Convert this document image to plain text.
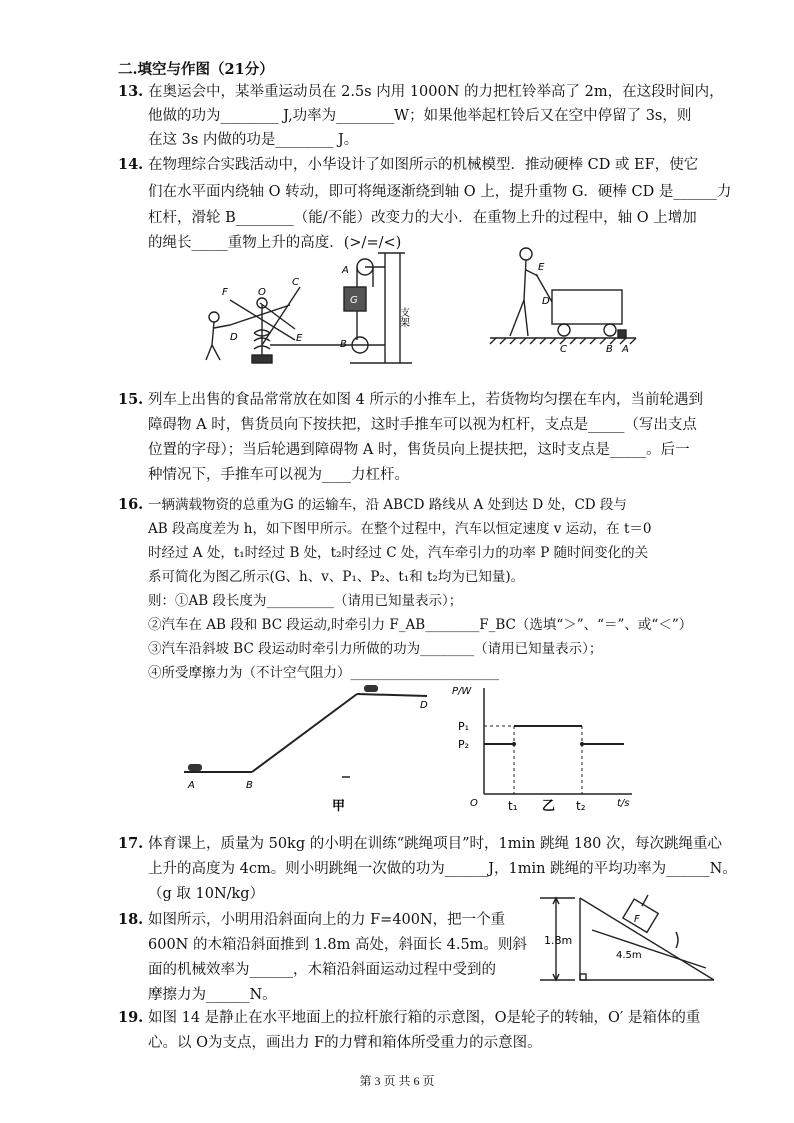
二.填空与作图（21分）
13. 在奥运会中，某举重运动员在 2.5s 内用 1000N 的力把杠铃举高了 2m，在这段时间内，
他做的功为________ J,功率为________W；如果他举起杠铃后又在空中停留了 3s，则
在这 3s 内做的功是________ J。
14. 在物理综合实践活动中，小华设计了如图所示的机械模型．推动硬棒 CD 或 EF，使它
们在水平面内绕轴 O 转动，即可将绳逐渐绕到轴 O 上，提升重物 G．硬棒 CD 是______力
杠杆，滑轮 B________（能/不能）改变力的大小．在重物上升的过程中，轴 O 上增加
的绳长_____重物上升的高度．(>/=/<)
F	O
C
D	E
A
B
G
支架
E
D
C	B A
15. 列车上出售的食品常常放在如图 4 所示的小推车上，若货物均匀摆在车内，当前轮遇到
障碍物 A 时，售货员向下按扶把，这时手推车可以视为杠杆，支点是_____（写出支点
位置的字母）；当后轮遇到障碍物 A 时，售货员向上提扶把，这时支点是_____。后一
种情况下，手推车可以视为____力杠杆。
16. 一辆满载物资的总重为G 的运输车，沿 ABCD 路线从 A 处到达 D 处，CD 段与
AB 段高度差为 h，如下图甲所示。在整个过程中，汽车以恒定速度 v 运动，在 t＝0
时经过 A 处，t₁时经过 B 处，t₂时经过 C 处，汽车牵引力的功率 P 随时间变化的关
系可简化为图乙所示(G、h、v、P₁、P₂、t₁和 t₂均为已知量)。
则：①AB 段长度为__________（请用已知量表示）；
②汽车在 AB 段和 BC 段运动,时牵引力 F_AB________F_BC（选填“＞”、“＝”、或“＜”）
③汽车沿斜坡 BC 段运动时牵引力所做的功为________（请用已知量表示）；
④所受摩擦力为（不计空气阻力）______________________
A	B
D
甲
P/W
P₁
P₂
O	t₁	t₂	t/s
乙
17. 体育课上，质量为 50kg 的小明在训练“跳绳项目”时，1min 跳绳 180 次，每次跳绳重心
上升的高度为 4cm。则小明跳绳一次做的功为______J，1min 跳绳的平均功率为______N。
（g 取 10N/kg）
18. 如图所示，小明用沿斜面向上的力 F=400N，把一个重
600N 的木箱沿斜面推到 1.8m 高处，斜面长 4.5m。则斜
面的机械效率为______，木箱沿斜面运动过程中受到的
摩擦力为______N。
1.8m
4.5m
F
19. 如图 14 是静止在水平地面上的拉杆旅行箱的示意图，O是轮子的转轴，O′ 是箱体的重
心。以 O为支点，画出力 F的力臂和箱体所受重力的示意图。
第 3 页 共 6 页
